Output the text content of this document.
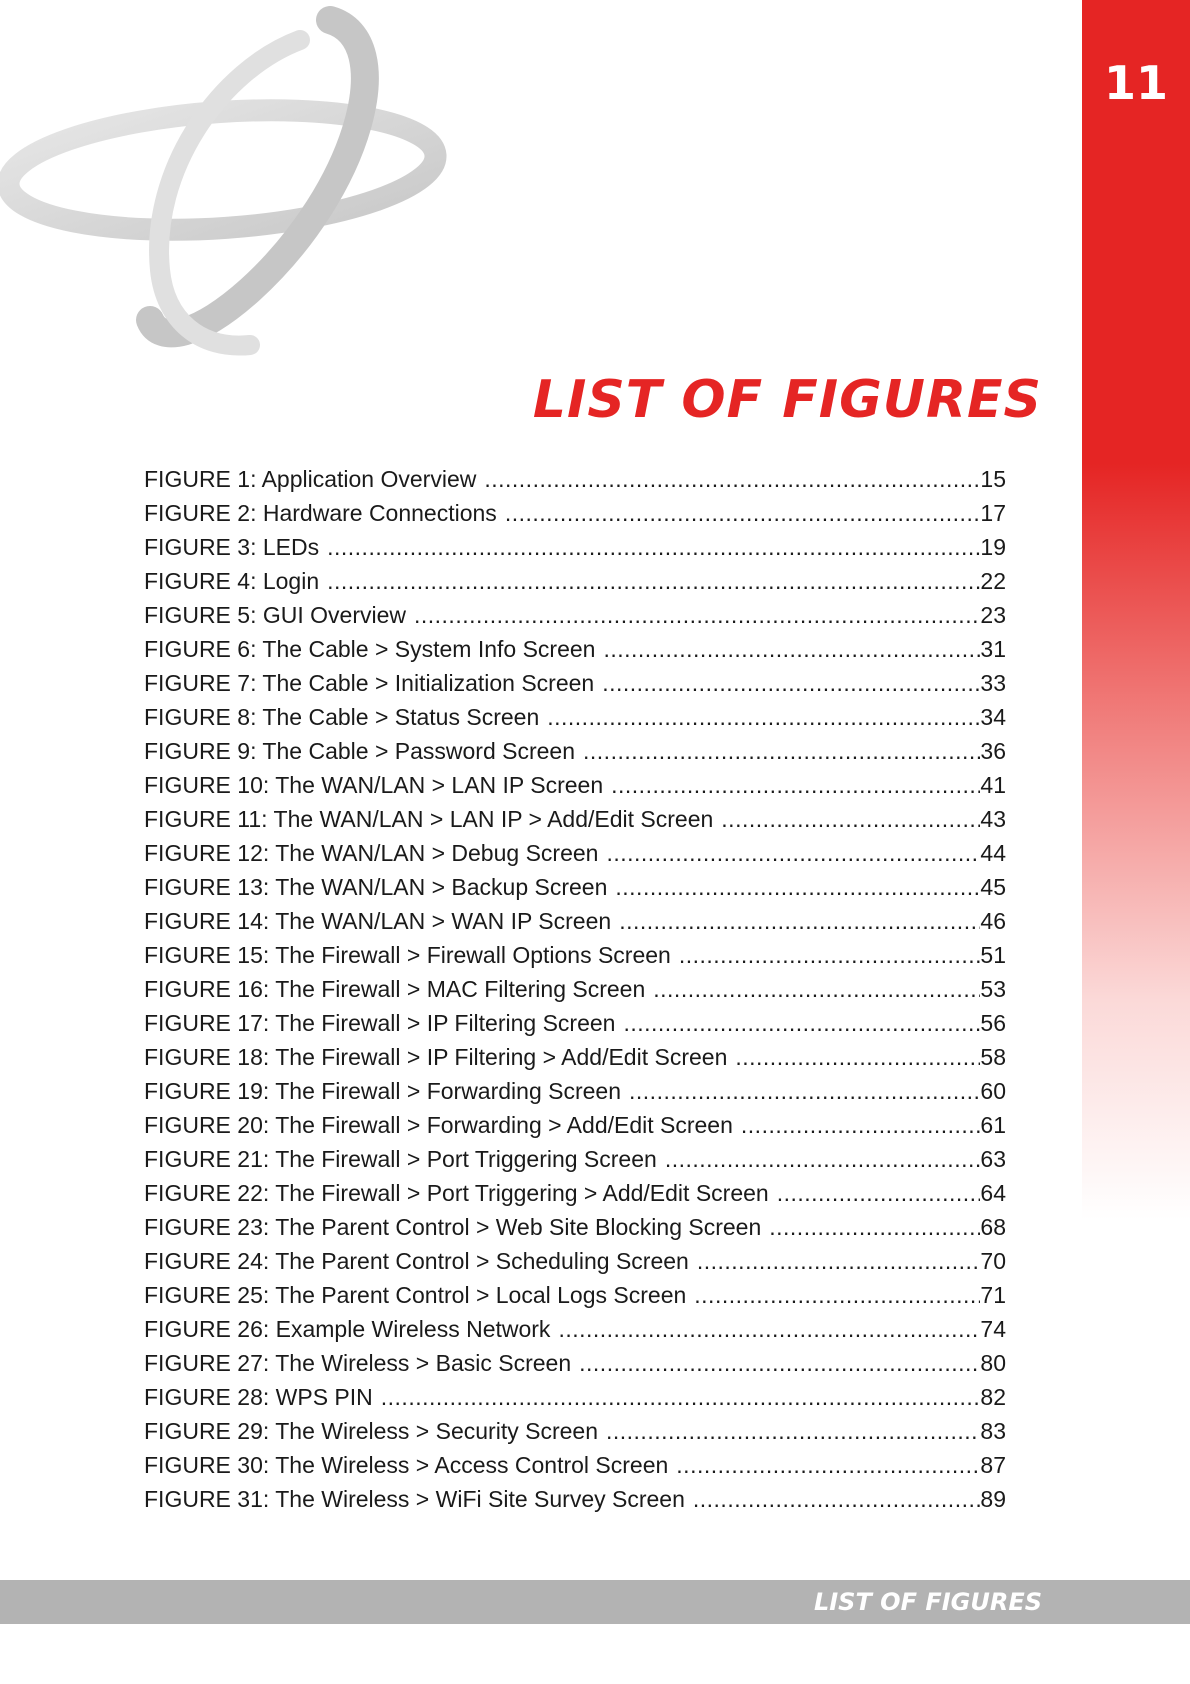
11
LIST OF FIGURES
FIGURE 1: Application Overview .....	15
FIGURE 2: Hardware Connections .....	17
FIGURE 3: LEDs .....	19
FIGURE 4: Login .....	22
FIGURE 5: GUI Overview .....	23
FIGURE 6: The Cable > System Info Screen .....	31
FIGURE 7: The Cable > Initialization Screen .....	33
FIGURE 8: The Cable > Status Screen .....	34
FIGURE 9: The Cable > Password Screen .....	36
FIGURE 10: The WAN/LAN > LAN IP Screen .....	41
FIGURE 11: The WAN/LAN > LAN IP > Add/Edit Screen .....	43
FIGURE 12: The WAN/LAN > Debug Screen .....	44
FIGURE 13: The WAN/LAN > Backup Screen .....	45
FIGURE 14: The WAN/LAN > WAN IP Screen .....	46
FIGURE 15: The Firewall > Firewall Options Screen .....	51
FIGURE 16: The Firewall > MAC Filtering Screen .....	53
FIGURE 17: The Firewall > IP Filtering Screen .....	56
FIGURE 18: The Firewall > IP Filtering > Add/Edit Screen .....	58
FIGURE 19: The Firewall > Forwarding Screen .....	60
FIGURE 20: The Firewall > Forwarding > Add/Edit Screen .....	61
FIGURE 21: The Firewall > Port Triggering Screen .....	63
FIGURE 22: The Firewall > Port Triggering > Add/Edit Screen .....	64
FIGURE 23: The Parent Control > Web Site Blocking Screen .....	68
FIGURE 24: The Parent Control > Scheduling Screen .....	70
FIGURE 25: The Parent Control > Local Logs Screen .....	71
FIGURE 26: Example Wireless Network .....	74
FIGURE 27: The Wireless > Basic Screen .....	80
FIGURE 28: WPS PIN .....	82
FIGURE 29: The Wireless > Security Screen .....	83
FIGURE 30: The Wireless > Access Control Screen .....	87
FIGURE 31: The Wireless > WiFi Site Survey Screen .....	89
LIST OF FIGURES
